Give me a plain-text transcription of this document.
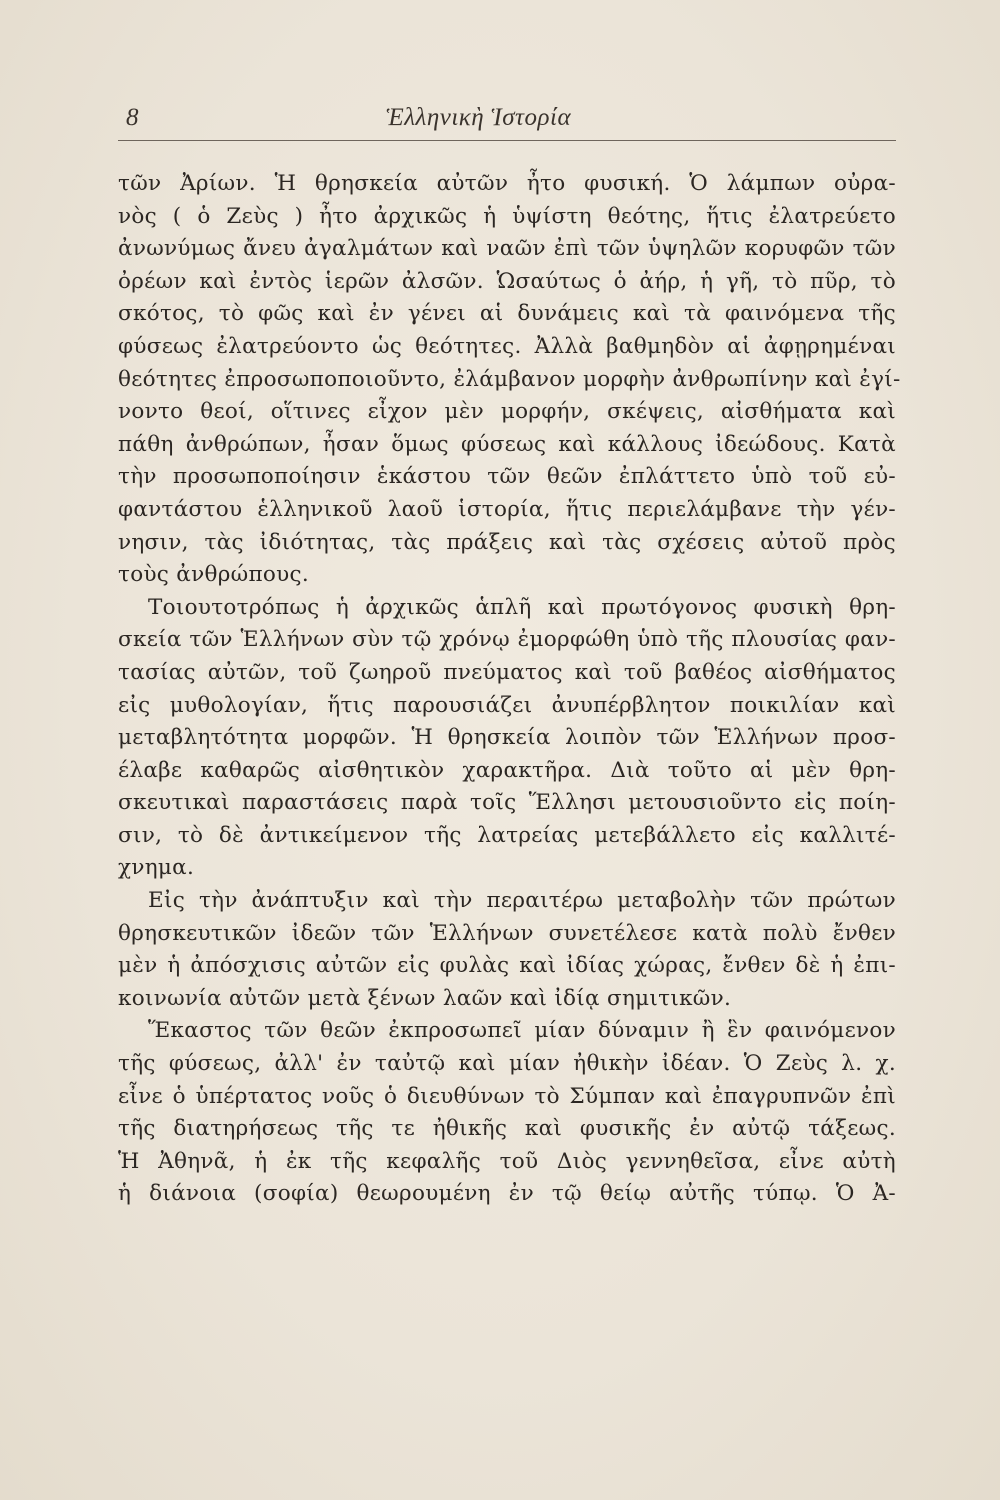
8	Ἑλληνικὴ Ἱστορία
τῶν Ἀρίων. Ἡ θρησκεία αὐτῶν ἦτο φυσική. Ὁ λάμπων οὐρα-
νὸς ( ὁ Ζεὺς ) ἦτο ἀρχικῶς ἡ ὑψίστη θεότης, ἥτις ἐλατρεύετο
ἀνωνύμως ἄνευ ἀγαλμάτων καὶ ναῶν ἐπὶ τῶν ὑψηλῶν κορυφῶν τῶν
ὀρέων καὶ ἐντὸς ἱερῶν ἀλσῶν. Ὡσαύτως ὁ ἀήρ, ἡ γῆ, τὸ πῦρ, τὸ
σκότος, τὸ φῶς καὶ ἐν γένει αἱ δυνάμεις καὶ τὰ φαινόμενα τῆς
φύσεως ἐλατρεύοντο ὡς θεότητες. Ἀλλὰ βαθμηδὸν αἱ ἀφῃρημέναι
θεότητες ἐπροσωποποιοῦντο, ἐλάμβανον μορφὴν ἀνθρωπίνην καὶ ἐγί-
νοντο θεοί, οἵτινες εἶχον μὲν μορφήν, σκέψεις, αἰσθήματα καὶ
πάθη ἀνθρώπων, ἦσαν ὅμως φύσεως καὶ κάλλους ἰδεώδους. Κατὰ
τὴν προσωποποίησιν ἑκάστου τῶν θεῶν ἐπλάττετο ὑπὸ τοῦ εὐ-
φαντάστου ἑλληνικοῦ λαοῦ ἱστορία, ἥτις περιελάμβανε τὴν γέν-
νησιν, τὰς ἰδιότητας, τὰς πράξεις καὶ τὰς σχέσεις αὐτοῦ πρὸς
τοὺς ἀνθρώπους.
Τοιουτοτρόπως ἡ ἀρχικῶς ἁπλῆ καὶ πρωτόγονος φυσικὴ θρη-
σκεία τῶν Ἑλλήνων σὺν τῷ χρόνῳ ἐμορφώθη ὑπὸ τῆς πλουσίας φαν-
τασίας αὐτῶν, τοῦ ζωηροῦ πνεύματος καὶ τοῦ βαθέος αἰσθήματος
εἰς μυθολογίαν, ἥτις παρουσιάζει ἀνυπέρβλητον ποικιλίαν καὶ
μεταβλητότητα μορφῶν. Ἡ θρησκεία λοιπὸν τῶν Ἑλλήνων προσ-
έλαβε καθαρῶς αἰσθητικὸν χαρακτῆρα. Διὰ τοῦτο αἱ μὲν θρη-
σκευτικαὶ παραστάσεις παρὰ τοῖς Ἕλλησι μετουσιοῦντο εἰς ποίη-
σιν, τὸ δὲ ἀντικείμενον τῆς λατρείας μετεβάλλετο εἰς καλλιτέ-
χνημα.
Εἰς τὴν ἀνάπτυξιν καὶ τὴν περαιτέρω μεταβολὴν τῶν πρώτων
θρησκευτικῶν ἰδεῶν τῶν Ἑλλήνων συνετέλεσε κατὰ πολὺ ἔνθεν
μὲν ἡ ἀπόσχισις αὐτῶν εἰς φυλὰς καὶ ἰδίας χώρας, ἔνθεν δὲ ἡ ἐπι-
κοινωνία αὐτῶν μετὰ ξένων λαῶν καὶ ἰδίᾳ σημιτικῶν.
Ἕκαστος τῶν θεῶν ἐκπροσωπεῖ μίαν δύναμιν ἢ ἓν φαινόμενον
τῆς φύσεως, ἀλλ' ἐν ταὐτῷ καὶ μίαν ἠθικὴν ἰδέαν. Ὁ Ζεὺς λ. χ.
εἶνε ὁ ὑπέρτατος νοῦς ὁ διευθύνων τὸ Σύμπαν καὶ ἐπαγρυπνῶν ἐπὶ
τῆς διατηρήσεως τῆς τε ἠθικῆς καὶ φυσικῆς ἐν αὐτῷ τάξεως.
Ἡ Ἀθηνᾶ, ἡ ἐκ τῆς κεφαλῆς τοῦ Διὸς γεννηθεῖσα, εἶνε αὐτὴ
ἡ διάνοια (σοφία) θεωρουμένη ἐν τῷ θείῳ αὐτῆς τύπῳ. Ὁ Ἀ-
